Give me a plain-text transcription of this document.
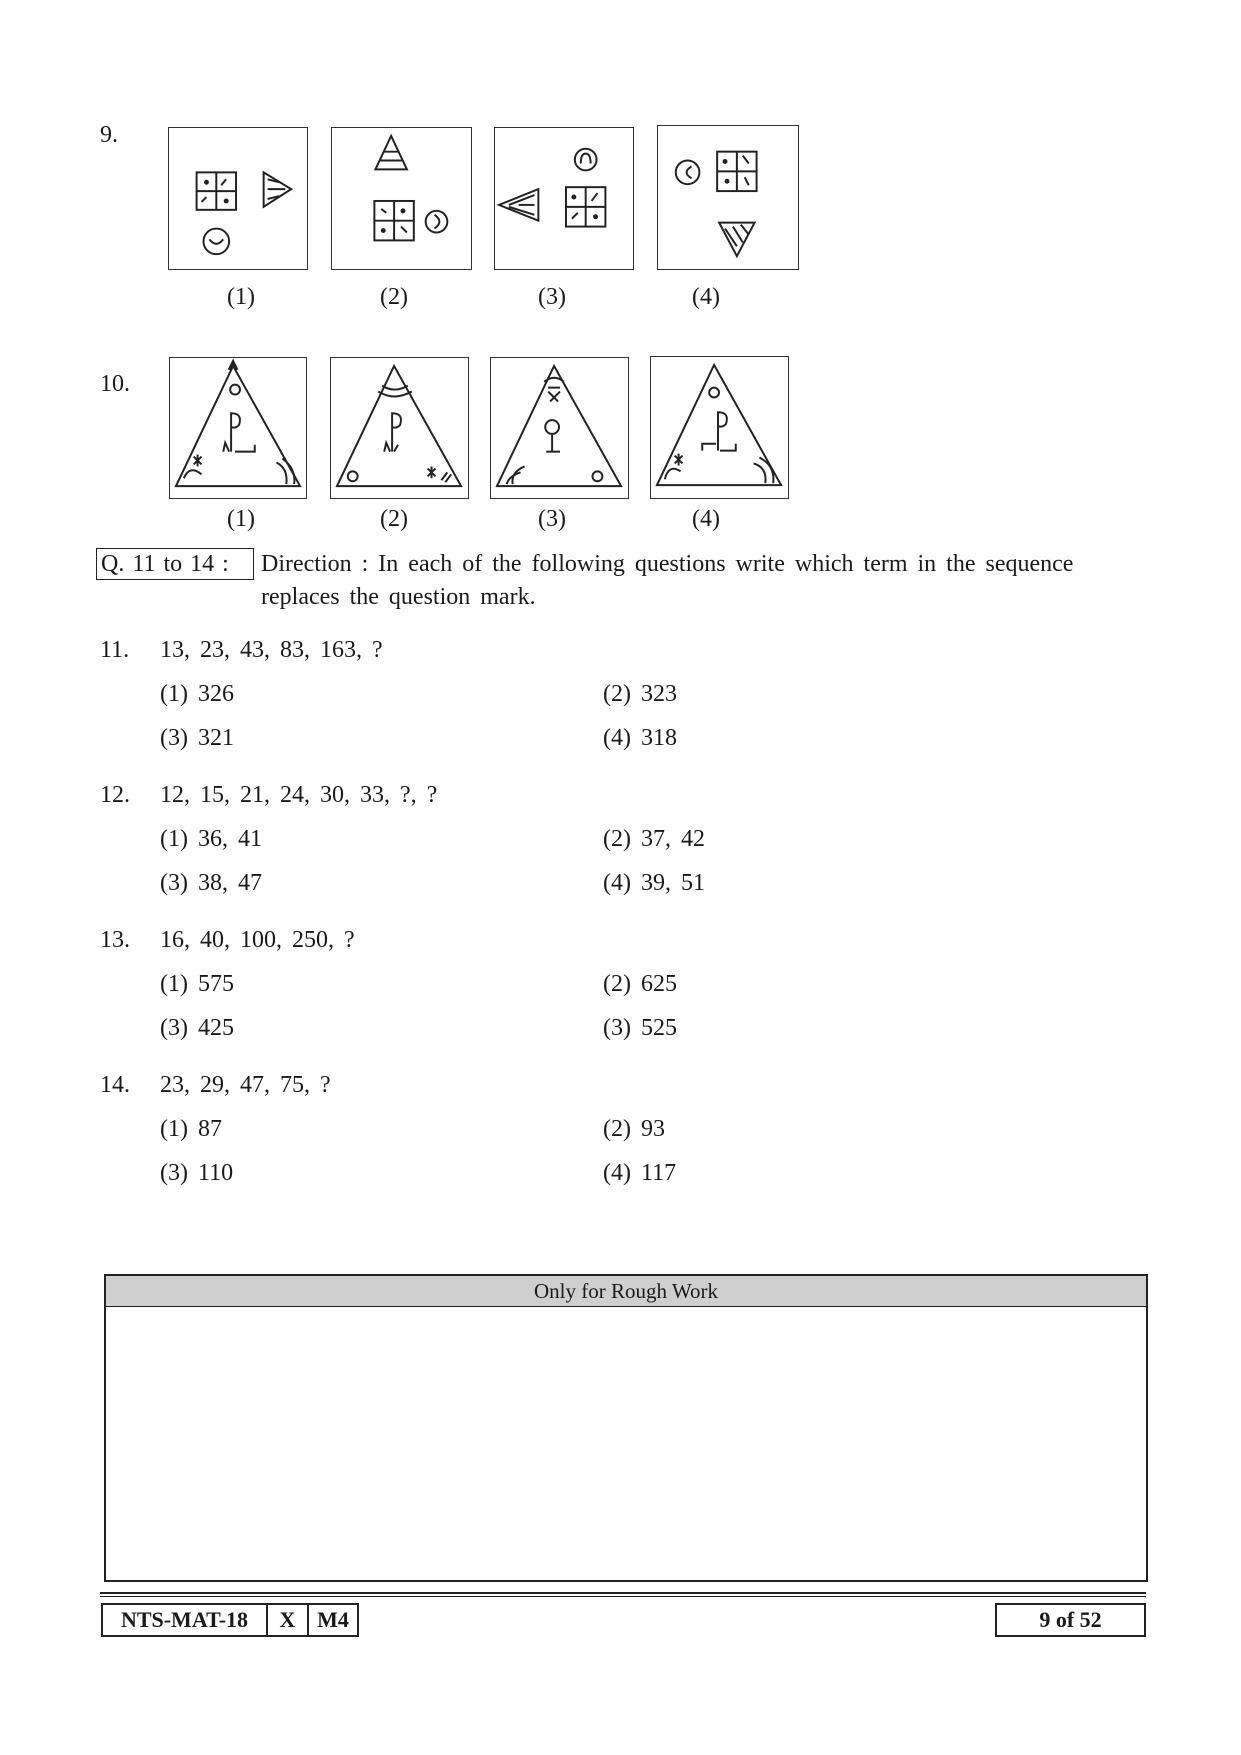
9.
(1)	(2)	(3)	(4)
10.
(1)	(2)	(3)	(4)
Q. 11 to 14 :	Direction : In each of the following questions write which term in the sequence
replaces the question mark.
11. 13, 23, 43, 83, 163, ?
(1) 326	(2) 323
(3) 321	(4) 318
12. 12, 15, 21, 24, 30, 33, ?, ?
(1) 36, 41	(2) 37, 42
(3) 38, 47	(4) 39, 51
13. 16, 40, 100, 250, ?
(1) 575	(2) 625
(3) 425	(3) 525
14. 23, 29, 47, 75, ?
(1) 87	(2) 93
(3) 110	(4) 117
Only for Rough Work
NTS-MAT-18	X M4	9 of 52
